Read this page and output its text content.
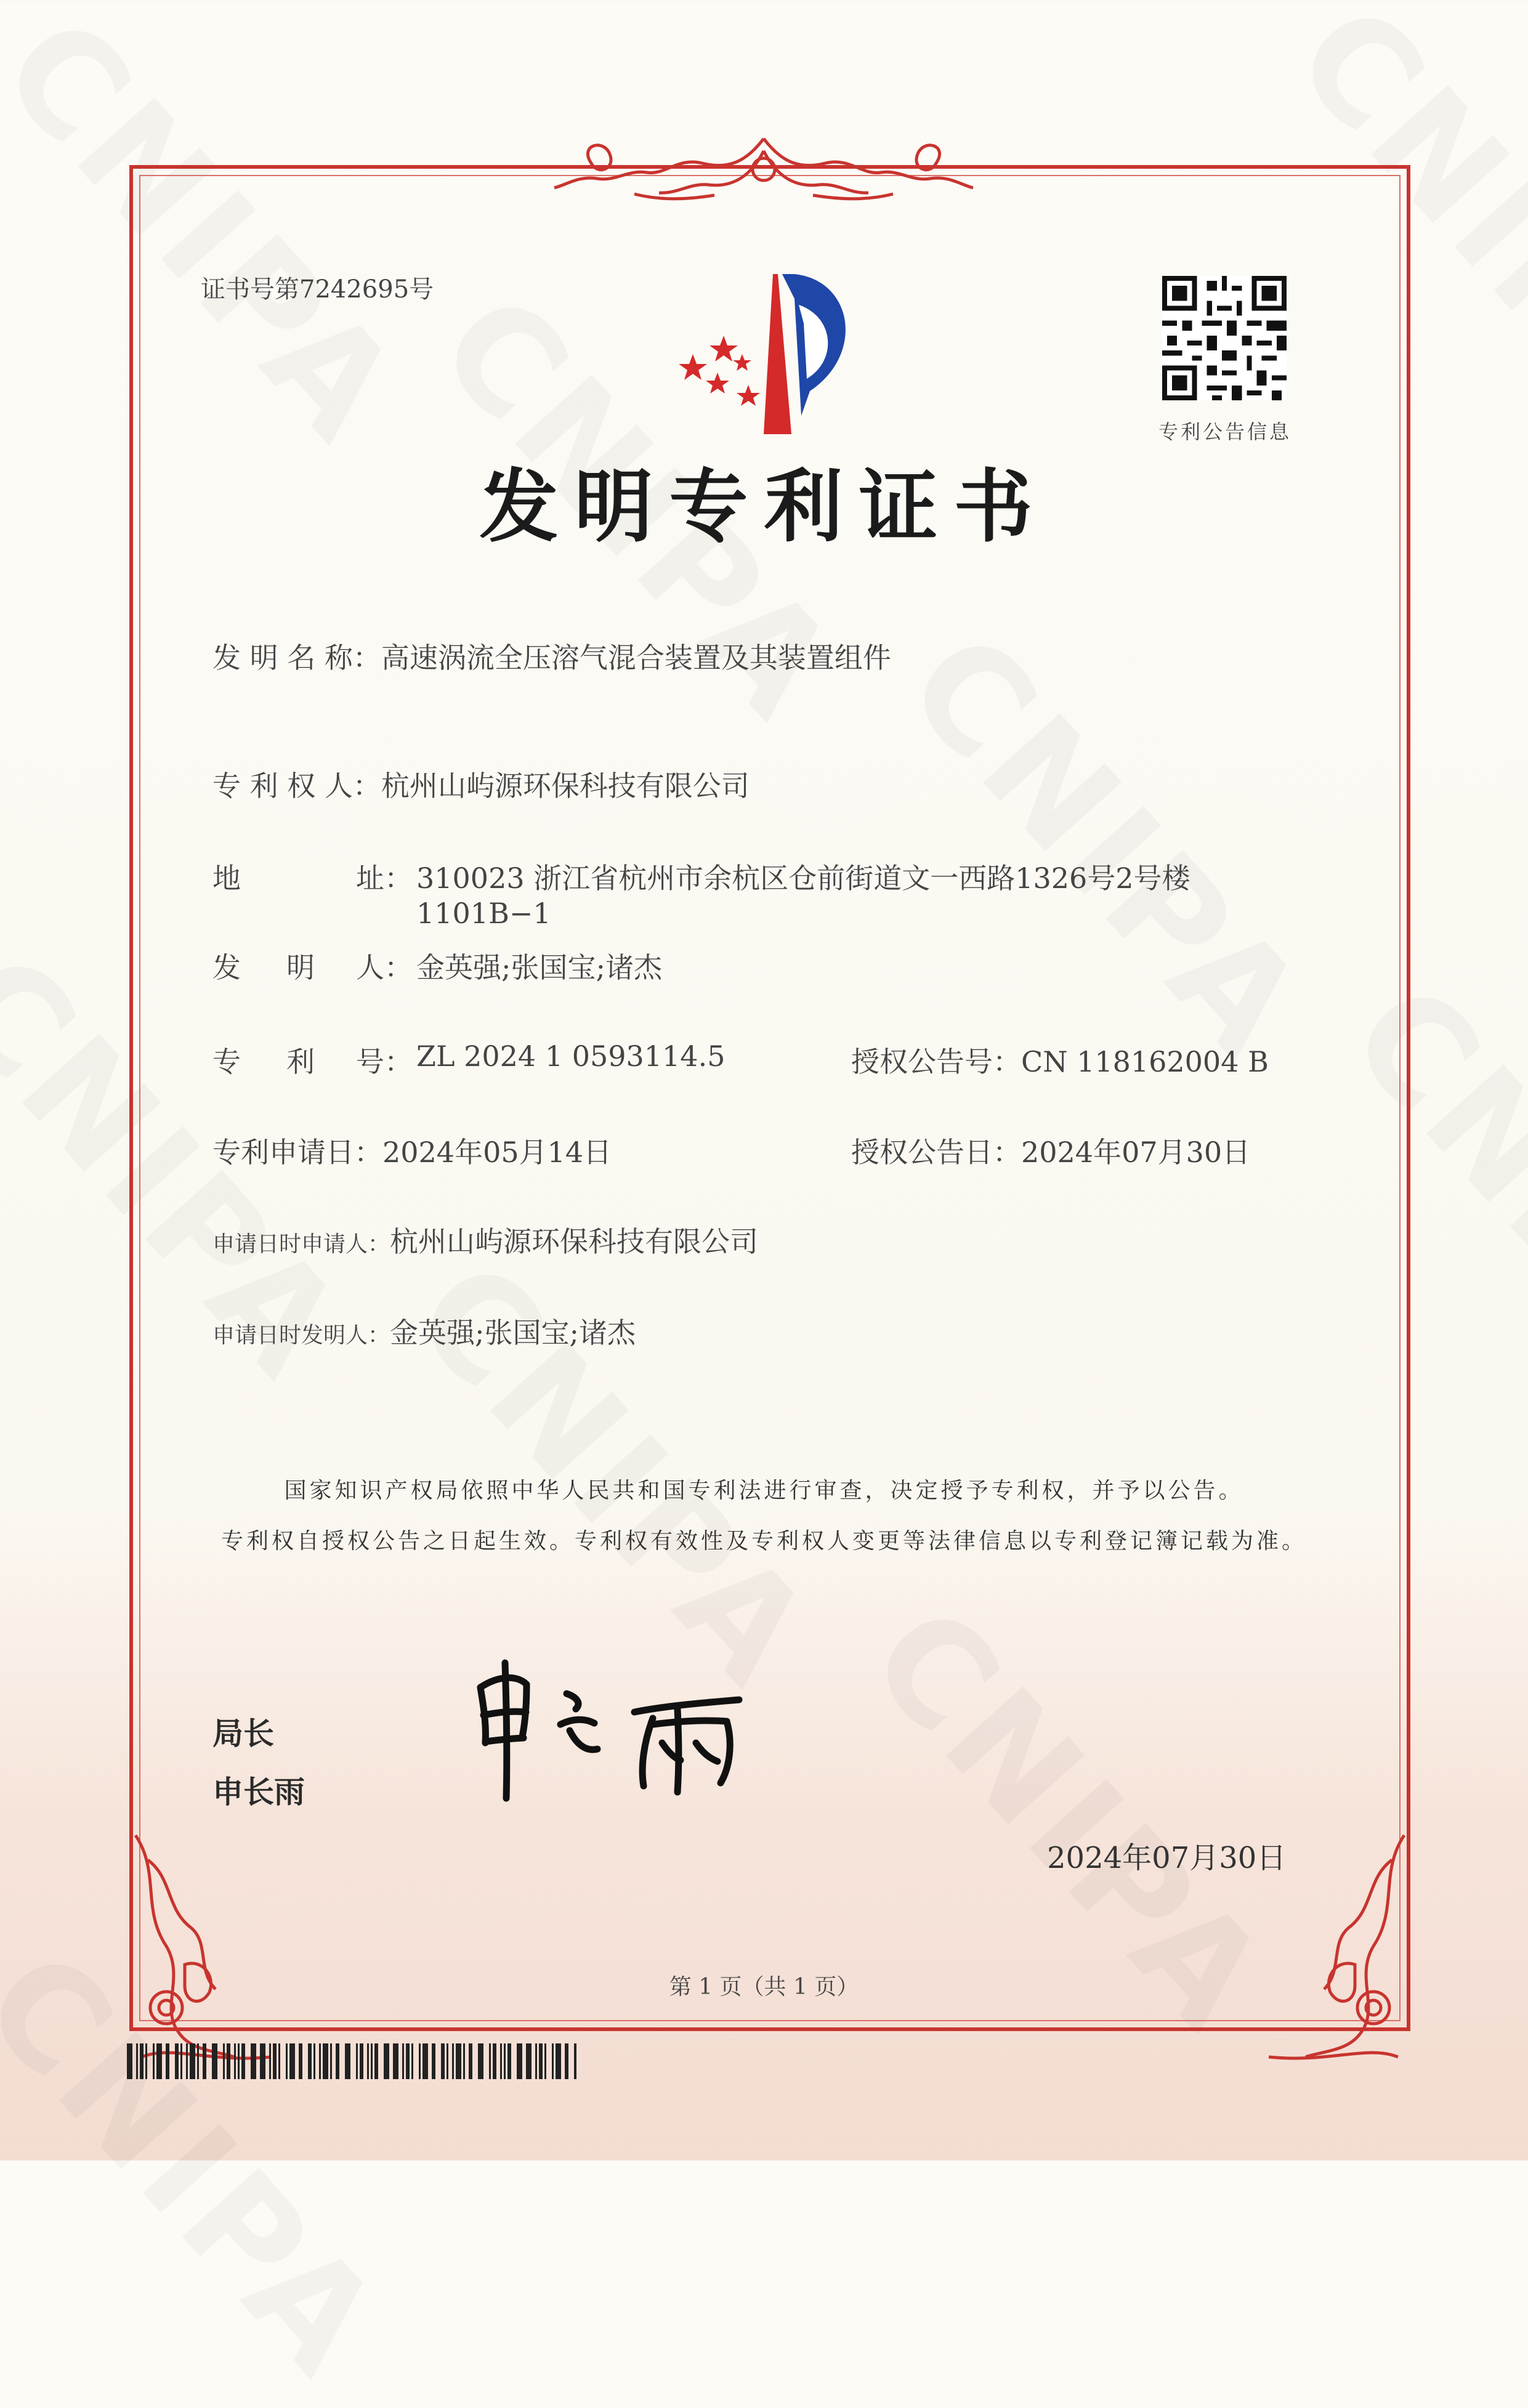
证书号第7242695号
专利公告信息
发明专利证书
发 明 名 称：高速涡流全压溶气混合装置及其装置组件
专 利 权 人：杭州山屿源环保科技有限公司
地	址： 310023 浙江省杭州市余杭区仓前街道文一西路1326号2号楼
1101B−1
发 明 人： 金英强;张国宝;诸杰
专 利 号： ZL 2024 1 0593114.5	授权公告号：CN 118162004 B
专利申请日：2024年05月14日	授权公告日：2024年07月30日
申请日时申请人：杭州山屿源环保科技有限公司
申请日时发明人：金英强;张国宝;诸杰
国家知识产权局依照中华人民共和国专利法进行审查，决定授予专利权，并予以公告。
专利权自授权公告之日起生效。专利权有效性及专利权人变更等法律信息以专利登记簿记载为准。
局长
申长雨
2024年07月30日
第 1 页（共 1 页）
